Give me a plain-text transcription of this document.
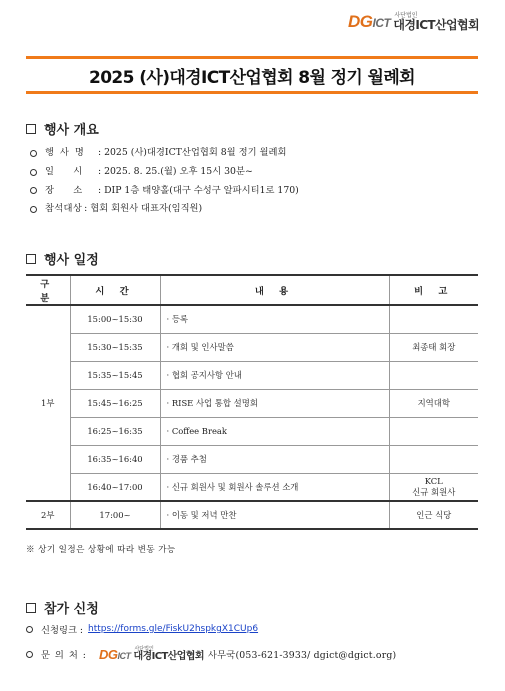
DGICT
사단법인
대경ICT산업협회
2025 (사)대경ICT산업협회 8월 정기 월례회
행사 개요
행 사 명	: 2025 (사)대경ICT산업협회 8월 정기 월례회
일    시	: 2025. 8. 25.(월) 오후 15시 30분~
장    소	: DIP 1층 태양홀(대구 수성구 알파시티1로 170)
참석대상 : 협회 회원사 대표자(임직원)
행사 일정
구 분	시 간	내 용	비 고
1부	15:00~15:30	· 등록	
	15:30~15:35	· 개회 및 인사말씀	최종태 회장
	15:35~15:45	· 협회 공지사항 안내	
	15:45~16:25	· RISE 사업 통합 설명회	지역대학
	16:25~16:35	· Coffee Break	
	16:35~16:40	· 경품 추첨	
	16:40~17:00	· 신규 회원사 및 회원사 솔루션 소개	KCL
신규 회원사

2부	17:00~	· 이동 및 저녁 만찬	인근 식당
※ 상기 일정은 상황에 따라 변동 가능
참가 신청
신청링크 : https://forms.gle/FiskU2hspkgX1CUp6
문 의 처 : DGICT
사단법인
대경ICT산업협회 사무국(053-621-3933/ dgict@dgict.org)
